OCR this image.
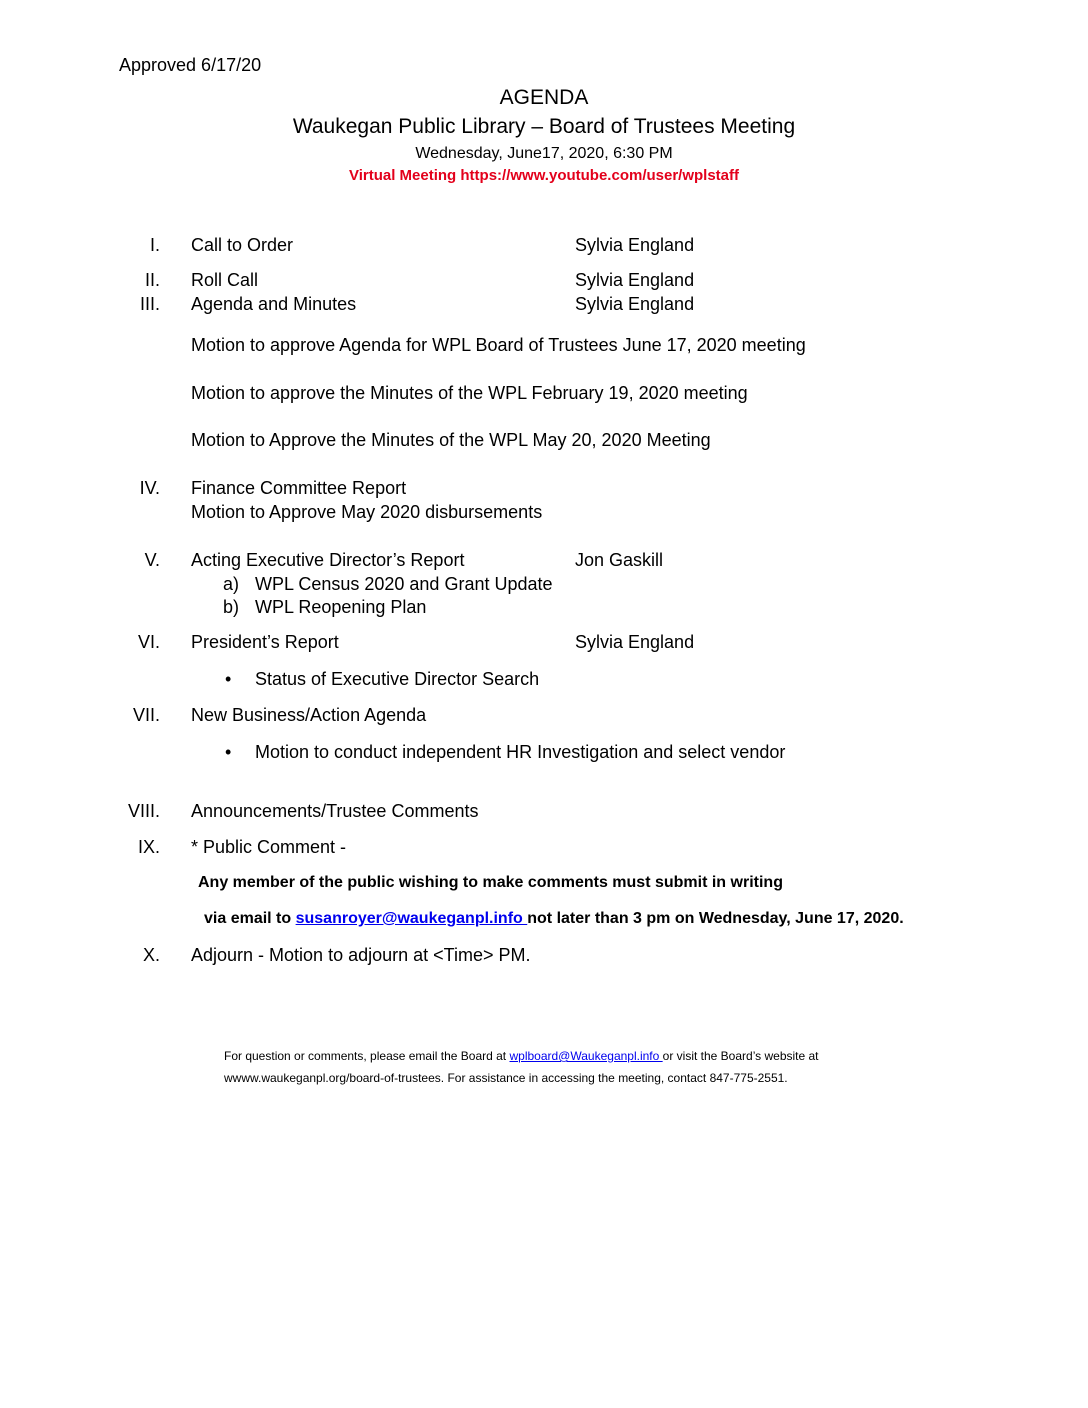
Approved 6/17/20
AGENDA
Waukegan Public Library – Board of Trustees Meeting
Wednesday, June17, 2020, 6:30 PM
Virtual Meeting https://www.youtube.com/user/wplstaff
I. Call to Order	Sylvia England
II. Roll Call	Sylvia England
III. Agenda and Minutes	Sylvia England
Motion to approve Agenda for WPL Board of Trustees June 17, 2020 meeting
Motion to approve the Minutes of the WPL February 19, 2020 meeting
Motion to Approve the Minutes of the WPL May 20, 2020 Meeting
IV. Finance Committee Report
Motion to Approve May 2020 disbursements
V. Acting Executive Director’s Report	Jon Gaskill
a) WPL Census 2020 and Grant Update
b) WPL Reopening Plan
VI. President’s Report	Sylvia England
• Status of Executive Director Search
VII. New Business/Action Agenda
• Motion to conduct independent HR Investigation and select vendor
VIII. Announcements/Trustee Comments
IX. * Public Comment -
Any member of the public wishing to make comments must submit in writing
via email to susanroyer@waukeganpl.info not later than 3 pm on Wednesday, June 17, 2020.
X. Adjourn - Motion to adjourn at <Time> PM.
For question or comments, please email the Board at wplboard@Waukeganpl.info or visit the Board’s website at
wwww.waukeganpl.org/board-of-trustees. For assistance in accessing the meeting, contact 847-775-2551.
